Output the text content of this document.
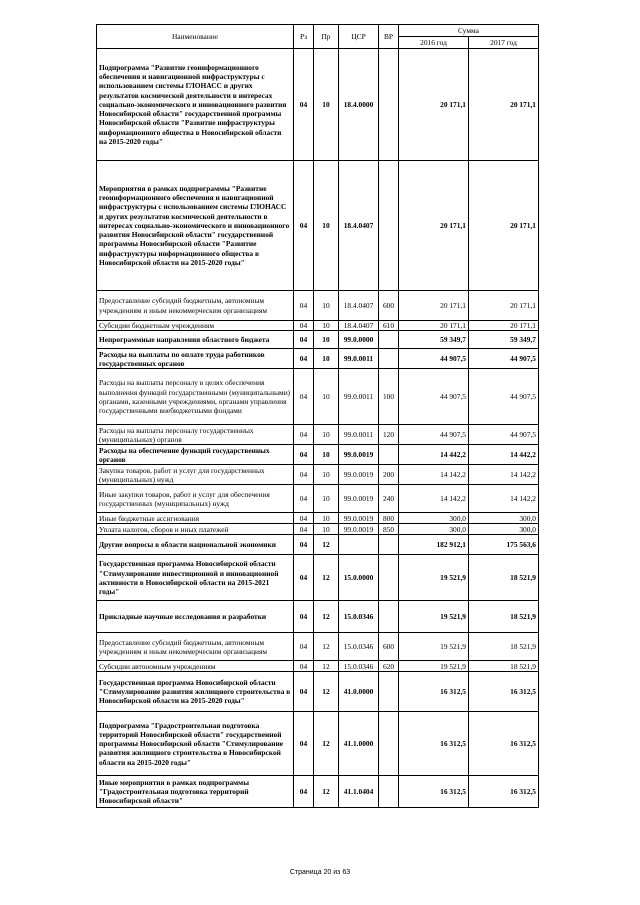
Наименование	Рз	Пр	ЦСР	ВР	Сумма	
					2016 год	2017 год
Подпрограмма "Развитие геоинформационного обеспечения и навигационной инфраструктуры с использованием системы ГЛОНАСС и других результатов космической деятельности в интересах социально-экономического и инновационного развития Новосибирской области" государственной программы Новосибирской области "Развитие инфраструктуры информационного общества в Новосибирской области на 2015-2020 годы"	04	10	18.4.0000		20 171,1	20 171,1
Мероприятия в рамках подпрограммы "Развитие геоинформационного обеспечения и навигационной инфраструктуры с использованием системы ГЛОНАСС и других результатов космической деятельности в интересах социально-экономического и инновационного развития Новосибирской области" государственной программы Новосибирской области "Развитие инфраструктуры информационного общества в Новосибирской области на 2015-2020 годы"	04	10	18.4.0407		20 171,1	20 171,1
Предоставление субсидий бюджетным, автономным учреждениям и иным некоммерческим организациям	04	10	18.4.0407	600	20 171,1	20 171,1
Субсидии бюджетным учреждениям	04	10	18.4.0407	610	20 171,1	20 171,1
Непрограммные направления областного бюджета	04	10	99.0.0000		59 349,7	59 349,7
Расходы на выплаты по оплате труда работников государственных органов	04	10	99.0.0011		44 907,5	44 907,5
Расходы на выплаты персоналу в целях обеспечения выполнения функций государственными (муниципальными) органами, казенными учреждениями, органами управления государственными внебюджетными фондами	04	10	99.0.0011	100	44 907,5	44 907,5
Расходы на выплаты персоналу государственных (муниципальных) органов	04	10	99.0.0011	120	44 907,5	44 907,5
Расходы на обеспечение функций государственных органов	04	10	99.0.0019		14 442,2	14 442,2
Закупка товаров, работ и услуг для государственных (муниципальных) нужд	04	10	99.0.0019	200	14 142,2	14 142,2
Иные закупки товаров, работ и услуг для обеспечения государственных (муниципальных) нужд	04	10	99.0.0019	240	14 142,2	14 142,2
Иные бюджетные ассигнования	04	10	99.0.0019	800	300,0	300,0
Уплата налогов, сборов и иных платежей	04	10	99.0.0019	850	300,0	300,0
Другие вопросы в области национальной экономики	04	12			182 912,1	175 563,6
Государственная программа Новосибирской области "Стимулирование инвестиционной и инновационной активности в Новосибирской области на 2015-2021 годы"	04	12	15.0.0000		19 521,9	18 521,9
Прикладные научные исследования и разработки	04	12	15.0.0346		19 521,9	18 521,9
Предоставление субсидий бюджетным, автономным учреждениям и иным некоммерческим организациям	04	12	15.0.0346	600	19 521,9	18 521,9
Субсидии автономным учреждениям	04	12	15.0.0346	620	19 521,9	18 521,9
Государственная программа Новосибирской области "Стимулирование развития жилищного строительства в Новосибирской области на 2015-2020 годы"	04	12	41.0.0000		16 312,5	16 312,5
Подпрограмма "Градостроительная подготовка территорий Новосибирской области" государственной программы Новосибирской области "Стимулирование развития жилищного строительства в Новосибирской области на 2015-2020 годы"	04	12	41.1.0000		16 312,5	16 312,5
Иные мероприятия в рамках подпрограммы "Градостроительная подготовка территорий Новосибирской области"	04	12	41.1.0404		16 312,5	16 312,5
Страница 20 из 63
